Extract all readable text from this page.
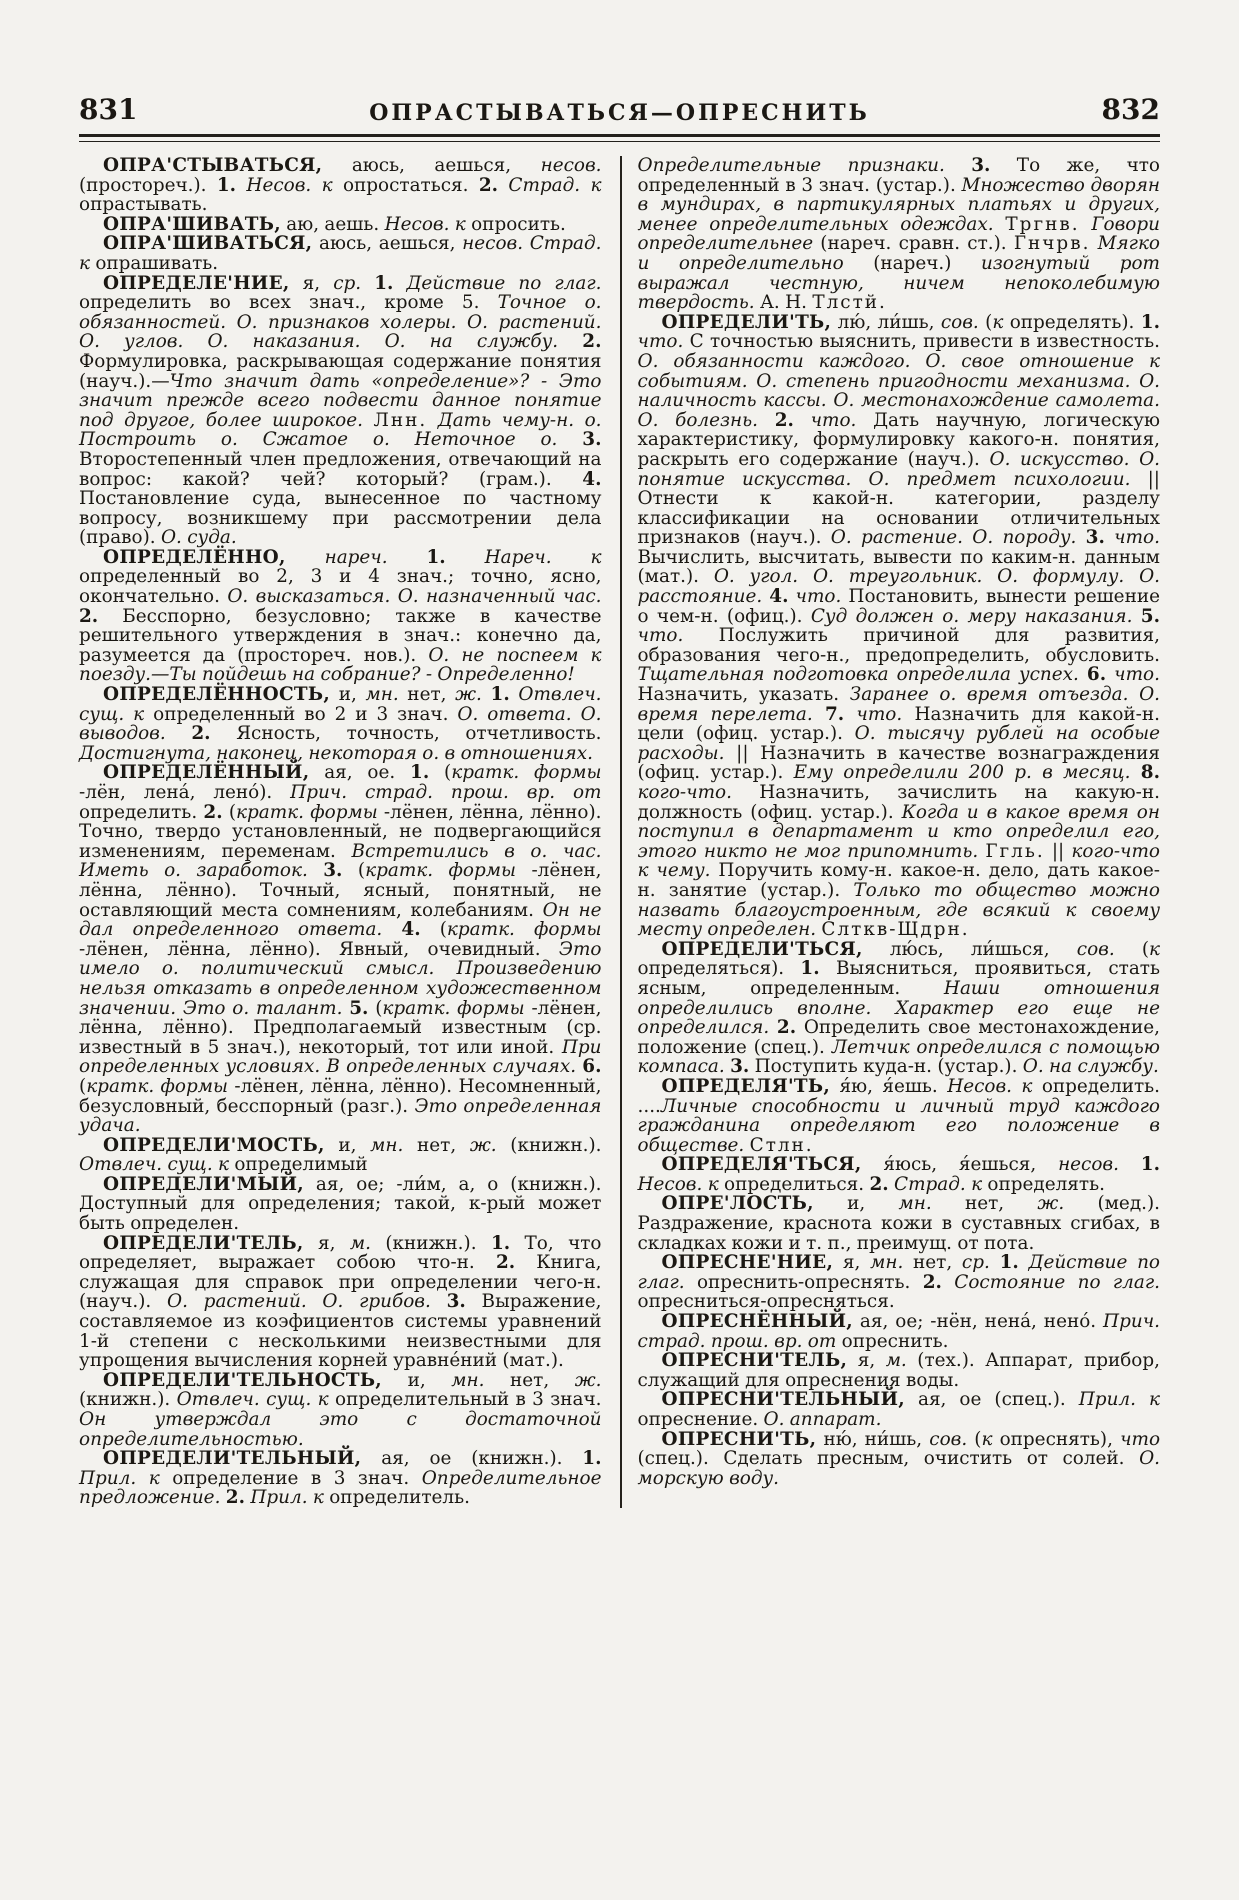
831	ОПРАСТЫВАТЬСЯ—ОПРЕСНИТЬ	832

ОПРА'СТЫВАТЬСЯ, аюсь, аешься, несов. (простореч.). 1. Несов. к опростаться. 2. Страд. к опрастывать.

ОПРА'ШИВАТЬ, аю, аешь. Несов. к опросить.

ОПРА'ШИВАТЬСЯ, аюсь, аешься, несов. Страд. к опрашивать.

ОПРЕДЕЛЕ'НИЕ, я, ср. 1. Действие по глаг. определить во всех знач., кроме 5. Точное о. обязанностей. О. признаков холеры. О. растений. О. углов. О. наказания. О. на службу. 2. Формулировка, раскрывающая содержание понятия (науч.).—Что значит дать «определение»? - Это значит прежде всего подвести данное понятие под другое, более широкое. Лнн. Дать чему-н. о. Построить о. Сжатое о. Неточное о. 3. Второстепенный член предложения, отвечающий на вопрос: какой? чей? который? (грам.). 4. Постановление суда, вынесенное по частному вопросу, возникшему при рассмотрении дела (право). О. суда.

ОПРЕДЕЛЁННО, нареч. 1. Нареч. к определенный во 2, 3 и 4 знач.; точно, ясно, окончательно. О. высказаться. О. назначенный час. 2. Бесспорно, безусловно; также в качестве решительного утверждения в знач.: конечно да, разумеется да (простореч. нов.). О. не поспеем к поезду.—Ты пойдешь на собрание? - Определенно!

ОПРЕДЕЛЁННОСТЬ, и, мн. нет, ж. 1. Отвлеч. сущ. к определенный во 2 и 3 знач. О. ответа. О. выводов. 2. Ясность, точность, отчетливость. Достигнута, наконец, некоторая о. в отношениях.

ОПРЕДЕЛЁННЫЙ, ая, ое. 1. (кратк. формы -лён, лена́, лено́). Прич. страд. прош. вр. от определить. 2. (кратк. формы -лёнен, лённа, лённо). Точно, твердо установленный, не подвергающийся изменениям, переменам. Встретились в о. час. Иметь о. заработок. 3. (кратк. формы -лёнен, лённа, лённо). Точный, ясный, понятный, не оставляющий места сомнениям, колебаниям. Он не дал определенного ответа. 4. (кратк. формы -лёнен, лённа, лённо). Явный, очевидный. Это имело о. политический смысл. Произведению нельзя отказать в определенном художественном значении. Это о. талант. 5. (кратк. формы -лёнен, лённа, лённо). Предполагаемый известным (ср. известный в 5 знач.), некоторый, тот или иной. При определенных условиях. В определенных случаях. 6. (кратк. формы -лёнен, лённа, лённо). Несомненный, безусловный, бесспорный (разг.). Это определенная удача.

ОПРЕДЕЛИ'МОСТЬ, и, мн. нет, ж. (книжн.). Отвлеч. сущ. к определимый

ОПРЕДЕЛИ'МЫЙ, ая, ое; -ли́м, а, о (книжн.). Доступный для определения; такой, к-рый может быть определен.

ОПРЕДЕЛИ'ТЕЛЬ, я, м. (книжн.). 1. То, что определяет, выражает собою что-н. 2. Книга, служащая для справок при определении чего-н. (науч.). О. растений. О. грибов. 3. Выражение, составляемое из коэфициентов системы уравнений 1-й степени с несколькими неизвестными для упрощения вычисления корней уравне́ний (мат.).

ОПРЕДЕЛИ'ТЕЛЬНОСТЬ, и, мн. нет, ж. (книжн.). Отвлеч. сущ. к определительный в 3 знач. Он утверждал это с достаточной определительностью.

ОПРЕДЕЛИ'ТЕЛЬНЫЙ, ая, ое (книжн.). 1. Прил. к определение в 3 знач. Определительное предложение. 2. Прил. к определитель.

Определительные признаки. 3. То же, что определенный в 3 знач. (устар.). Множество дворян в мундирах, в партикулярных платьях и других, менее определительных одеждах. Тргнв. Говори определительнее (нареч. сравн. ст.). Гнчрв. Мягко и определительно (нареч.) изогнутый рот выражал честную, ничем непоколебимую твердость. А. Н. Тлстй.

ОПРЕДЕЛИ'ТЬ, лю́, ли́шь, сов. (к определять). 1. что. С точностью выяснить, привести в известность. О. обязанности каждого. О. свое отношение к событиям. О. степень пригодности механизма. О. наличность кассы. О. местонахождение самолета. О. болезнь. 2. что. Дать научную, логическую характеристику, формулировку какого-н. понятия, раскрыть его содержание (науч.). О. искусство. О. понятие искусства. О. предмет психологии. || Отнести к какой-н. категории, разделу классификации на основании отличительных признаков (науч.). О. растение. О. породу. 3. что. Вычислить, высчитать, вывести по каким-н. данным (мат.). О. угол. О. треугольник. О. формулу. О. расстояние. 4. что. Постановить, вынести решение о чем-н. (офиц.). Суд должен о. меру наказания. 5. что. Послужить причиной для развития, образования чего-н., предопределить, обусловить. Тщательная подготовка определила успех. 6. что. Назначить, указать. Заранее о. время отъезда. О. время перелета. 7. что. Назначить для какой-н. цели (офиц. устар.). О. тысячу рублей на особые расходы. || Назначить в качестве вознаграждения (офиц. устар.). Ему определили 200 р. в месяц. 8. кого-что. Назначить, зачислить на какую-н. должность (офиц. устар.). Когда и в какое время он поступил в департамент и кто определил его, этого никто не мог припомнить. Ггль. || кого-что к чему. Поручить кому-н. какое-н. дело, дать какое-н. занятие (устар.). Только то общество можно назвать благоустроенным, где всякий к своему месту определен. Слткв-Щдрн.

ОПРЕДЕЛИ'ТЬСЯ, лю́сь, ли́шься, сов. (к определяться). 1. Выясниться, проявиться, стать ясным, определенным. Наши отношения определились вполне. Характер его еще не определился. 2. Определить свое местонахождение, положение (спец.). Летчик определился с помощью компаса. 3. Поступить куда-н. (устар.). О. на службу.

ОПРЕДЕЛЯ'ТЬ, я́ю, я́ешь. Несов. к определить. ....Личные способности и личный труд каждого гражданина определяют его положение в обществе. Стлн.

ОПРЕДЕЛЯ'ТЬСЯ, я́юсь, я́ешься, несов. 1. Несов. к определиться. 2. Страд. к определять.

ОПРЕ'ЛОСТЬ, и, мн. нет, ж. (мед.). Раздражение, краснота кожи в суставных сгибах, в складках кожи и т. п., преимущ. от пота.

ОПРЕСНЕ'НИЕ, я, мн. нет, ср. 1. Действие по глаг. опреснить-опреснять. 2. Состояние по глаг. опресниться-опресняться.

ОПРЕСНЁННЫЙ, ая, ое; -нён, нена́, нено́. Прич. страд. прош. вр. от опреснить.

ОПРЕСНИ'ТЕЛЬ, я, м. (тех.). Аппарат, прибор, служащий для опреснения воды.

ОПРЕСНИ'ТЕЛЬНЫЙ, ая, ое (спец.). Прил. к опреснение. О. аппарат.

ОПРЕСНИ'ТЬ, ню́, ни́шь, сов. (к опреснять), что (спец.). Сделать пресным, очистить от солей. О. морскую воду.
